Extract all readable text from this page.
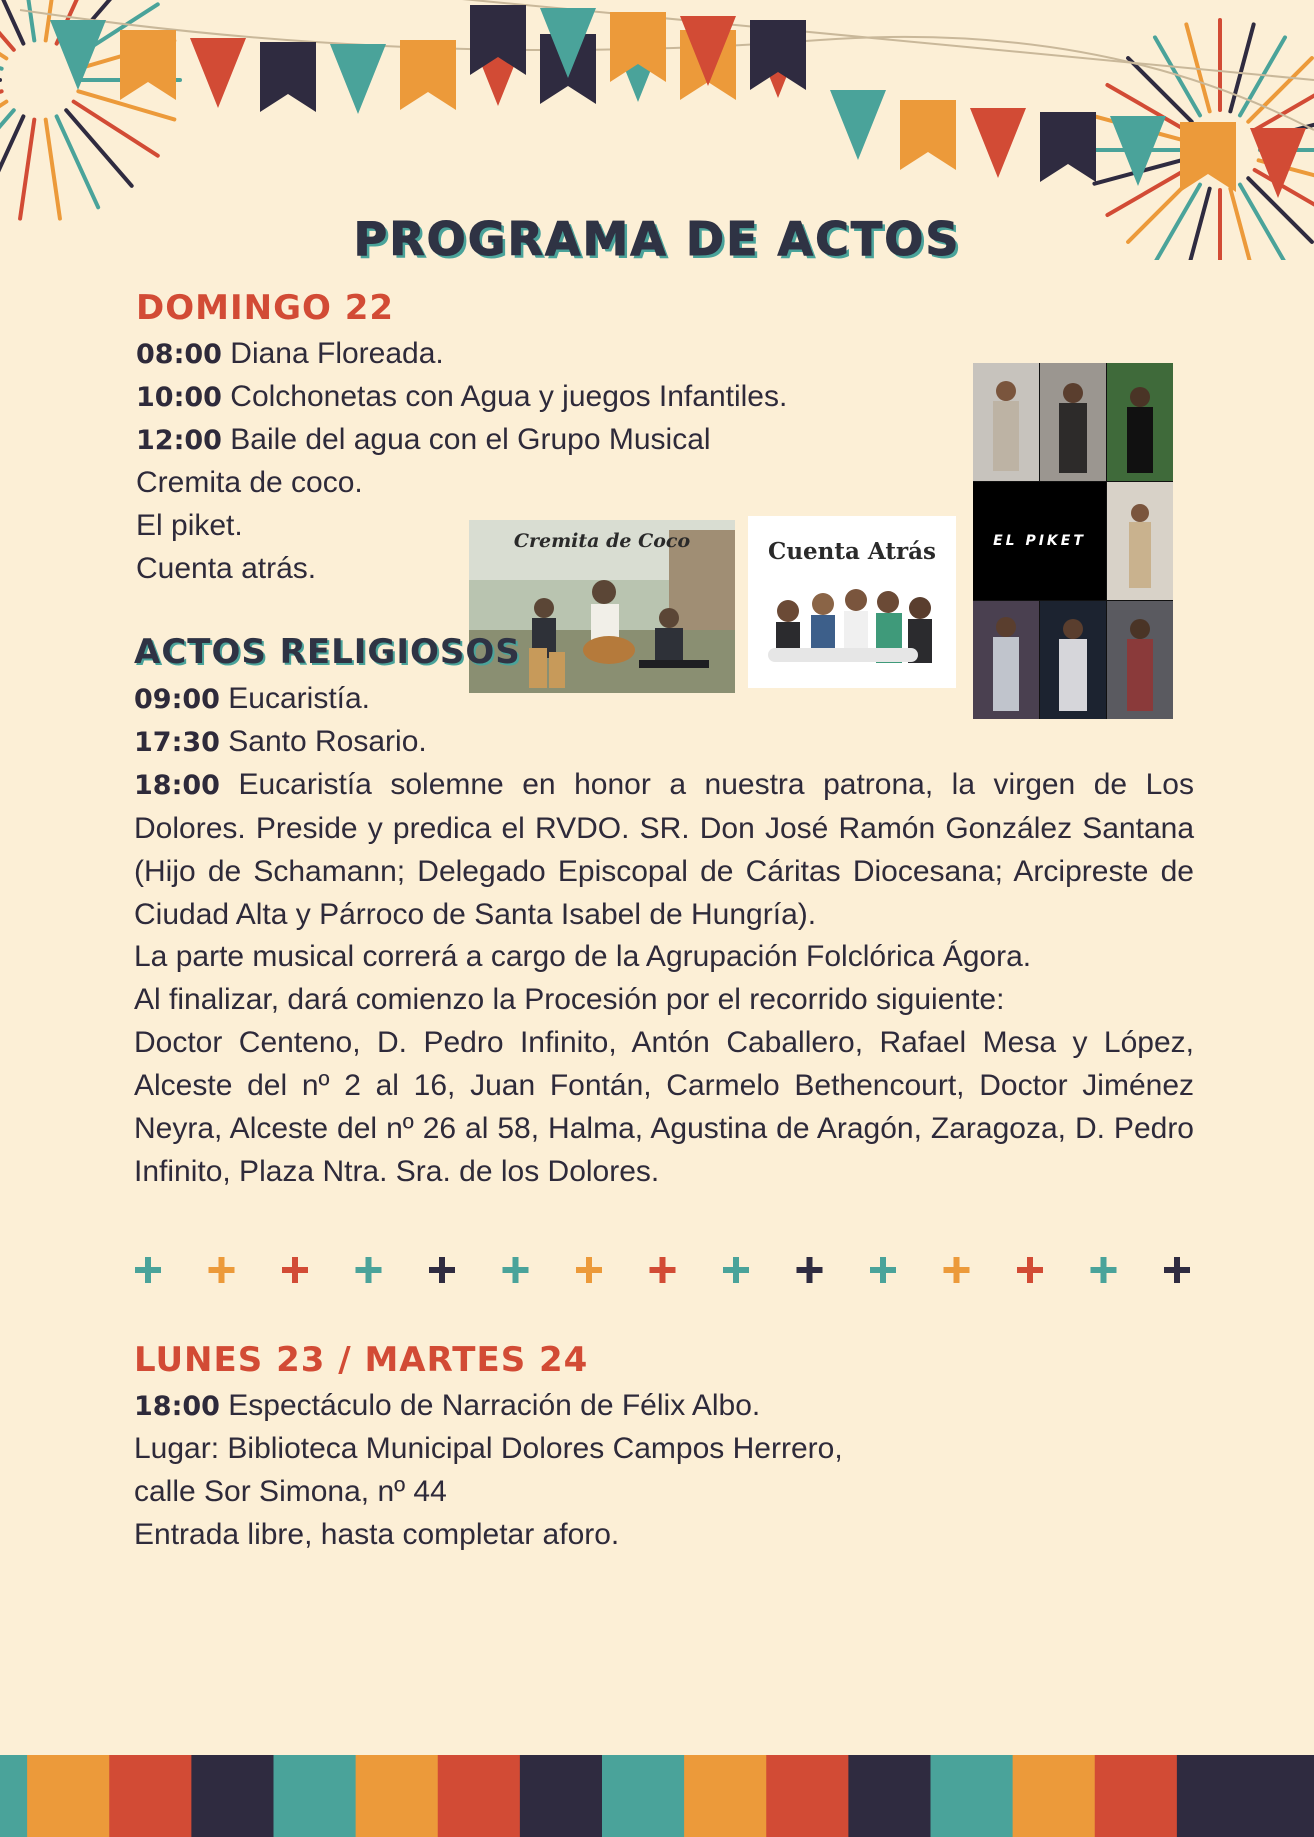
PROGRAMA DE ACTOS
DOMINGO 22

08:00 Diana Floreada.

10:00 Colchonetas con Agua y juegos Infantiles.

12:00 Baile del agua con el Grupo Musical

Cremita de coco.

El piket.

Cuenta atrás.

Cremita de Coco	Cuenta Atrás	EL PIKET
ACTOS RELIGIOSOS

09:00 Eucaristía.

17:30 Santo Rosario.

18:00 Eucaristía solemne en honor a nuestra patrona, la virgen de Los Dolores. Preside y predica el RVDO. SR. Don José Ramón González Santana (Hijo de Schamann; Delegado Episcopal de Cáritas Diocesana; Arcipreste de Ciudad Alta y Párroco de Santa Isabel de Hungría).

La parte musical correrá a cargo de la Agrupación Folclórica Ágora.

Al finalizar, dará comienzo la Procesión por el recorrido siguiente:

Doctor Centeno, D. Pedro Infinito, Antón Caballero, Rafael Mesa y López, Alceste del nº 2 al 16, Juan Fontán, Carmelo Bethencourt, Doctor Jiménez Neyra, Alceste del nº 26 al 58, Halma, Agustina de Aragón, Zaragoza, D. Pedro Infinito, Plaza Ntra. Sra. de los Dolores.

LUNES 23 / MARTES 24

18:00 Espectáculo de Narración de Félix Albo.

Lugar: Biblioteca Municipal Dolores Campos Herrero,

calle Sor Simona, nº 44

Entrada libre, hasta completar aforo.
